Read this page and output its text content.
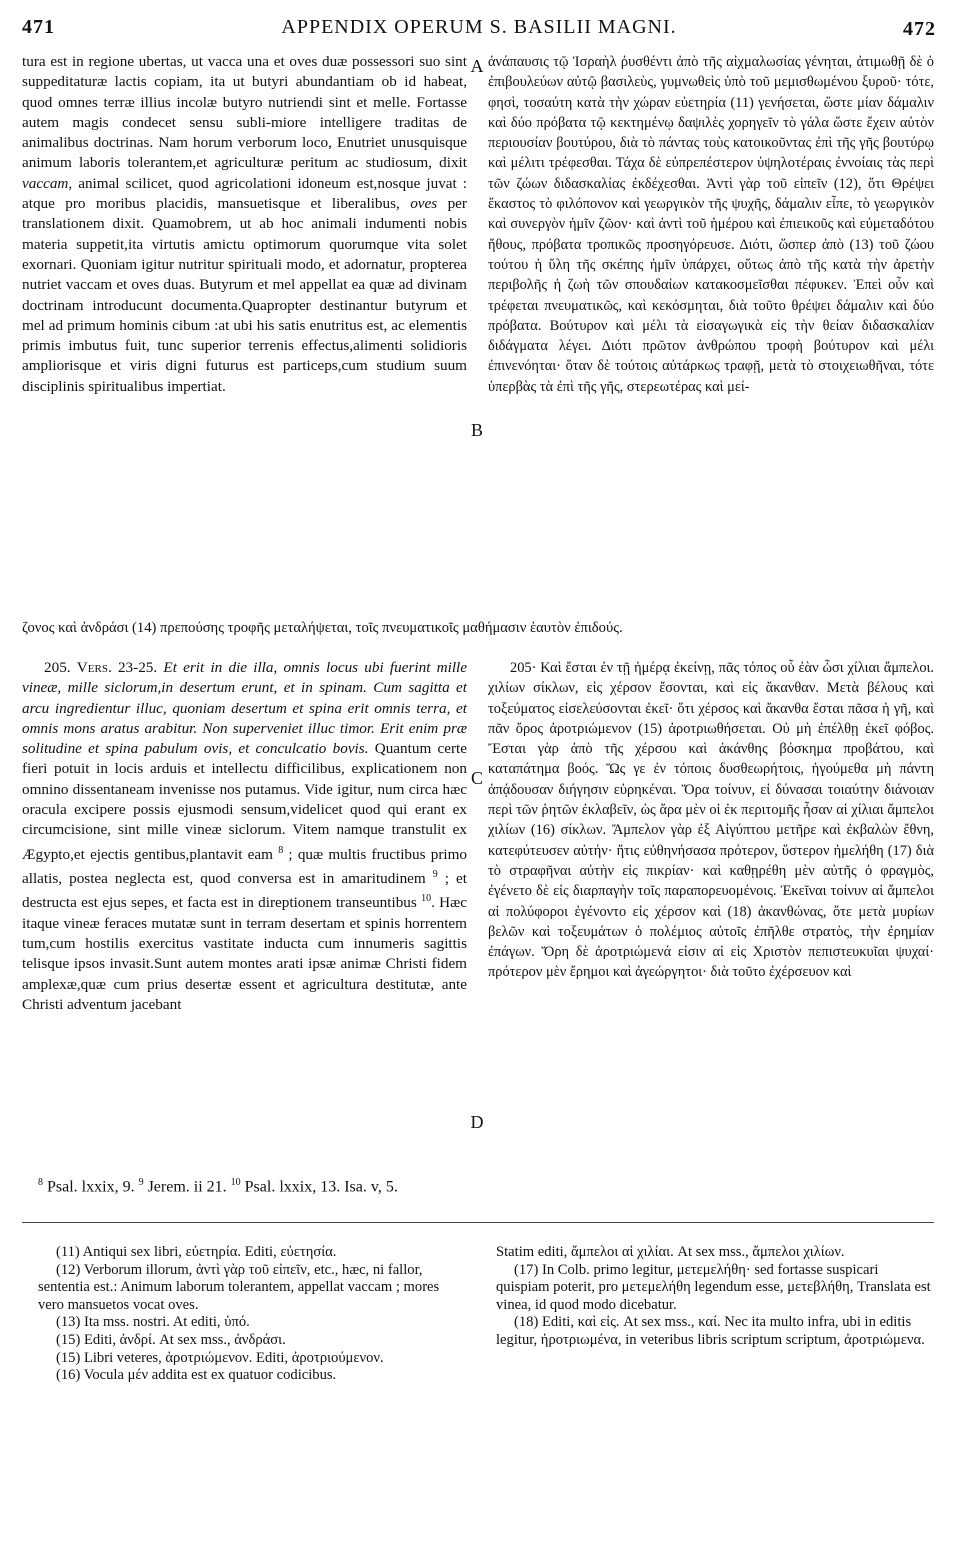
471	APPENDIX OPERUM S. BASILII MAGNI.	472

tura est in regione ubertas, ut vacca una et oves duæ possessori suo sint suppeditaturæ lactis copiam, ita ut butyri abundantiam ob id habeat, quod omnes terræ illius incolæ butyro nutriendi sint et melle. Fortasse autem magis condecet sensu subli-miore intelligere traditas de animalibus doctrinas. Nam horum verborum loco, Enutriet unusquisque animum laboris tolerantem,et agriculturæ peritum ac studiosum, dixit vaccam, animal scilicet, quod agricolationi idoneum est,nosque juvat : atque pro moribus placidis, mansuetisque et liberalibus, oves per translationem dixit. Quamobrem, ut ab hoc animali indumenti nobis materia suppetit,ita virtutis amictu optimorum quorumque vita solet exornari. Quoniam igitur nutritur spirituali modo, et adornatur, propterea nutriet vaccam et oves duas. Butyrum et mel appellat ea quæ ad divinam doctrinam introducunt documenta.Quapropter destinantur butyrum et mel ad primum hominis cibum :at ubi his satis enutritus est, ac elementis primis imbutus fuit, tunc superior terrenis effectus,alimenti solidioris ampliorisque et viris digni futurus est particeps,cum studium suum disciplinis spiritualibus impertiat.

A
B

ἀνάπαυσις τῷ Ἰσραὴλ ῥυσθέντι ἀπὸ τῆς αἰχμαλωσίας γένηται, ἀτιμωθῇ δὲ ὁ ἐπιβουλεύων αὐτῷ βασιλεὺς, γυμνωθεὶς ὑπὸ τοῦ μεμισθωμένου ξυροῦ· τότε, φησὶ, τοσαύτη κατὰ τὴν χώραν εὐετηρία (11) γενήσεται, ὥστε μίαν δάμαλιν καὶ δύο πρόβατα τῷ κεκτημένῳ δαψιλὲς χορηγεῖν τὸ γάλα ὥστε ἔχειν αὐτὸν περιουσίαν βουτύρου, διὰ τὸ πάντας τοὺς κατοικοῦντας ἐπὶ τῆς γῆς βουτύρῳ καὶ μέλιτι τρέφεσθαι. Τάχα δὲ εὐπρεπέστερον ὑψηλοτέραις ἐννοίαις τὰς περὶ τῶν ζώων διδασκαλίας ἐκδέχεσθαι. Ἀντὶ γὰρ τοῦ εἰπεῖν (12), ὅτι Θρέψει ἕκαστος τὸ φιλόπονον καὶ γεωργικὸν τῆς ψυχῆς, δάμαλιν εἶπε, τὸ γεωργικὸν καὶ συνεργὸν ἡμῖν ζῶον· καὶ ἀντὶ τοῦ ἡμέρου καὶ ἐπιεικοῦς καὶ εὐμεταδότου ἤθους, πρόβατα τροπικῶς προσηγόρευσε. Διότι, ὥσπερ ἀπὸ (13) τοῦ ζώου τούτου ἡ ὕλη τῆς σκέπης ἡμῖν ὑπάρχει, οὕτως ἀπὸ τῆς κατὰ τὴν ἀρετὴν περιβολῆς ἡ ζωὴ τῶν σπουδαίων κατακοσμεῖσθαι πέφυκεν. Ἐπεὶ οὖν καὶ τρέφεται πνευματικῶς, καὶ κεκόσμηται, διὰ τοῦτο θρέψει δάμαλιν καὶ δύο πρόβατα. Βούτυρον καὶ μέλι τὰ εἰσαγωγικὰ εἰς τὴν θείαν διδασκαλίαν διδάγματα λέγει. Διότι πρῶτον ἀνθρώπου τροφὴ βούτυρον καὶ μέλι ἐπινενόηται· ὅταν δὲ τούτοις αὐτάρκως τραφῇ, μετὰ τὸ στοιχειωθῆναι, τότε ὑπερβὰς τὰ ἐπὶ τῆς γῆς, στερεωτέρας καὶ μεί-

ζονος καὶ ἀνδράσι (14) πρεπούσης τροφῆς μεταλήψεται, τοῖς πνευματικοῖς μαθήμασιν ἑαυτὸν ἐπιδούς.

205. Vers. 23-25. Et erit in die illa, omnis locus ubi fuerint mille vineæ, mille siclorum,in desertum erunt, et in spinam. Cum sagitta et arcu ingredientur illuc, quoniam desertum et spina erit omnis terra, et omnis mons aratus arabitur. Non superveniet illuc timor. Erit enim præ solitudine et spina pabulum ovis, et conculcatio bovis. Quantum certe fieri potuit in locis arduis et intellectu difficilibus, explicationem non omnino dissentaneam invenisse nos putamus. Vide igitur, num circa hæc oracula excipere possis ejusmodi sensum,videlicet quod qui erant ex circumcisione, sint mille vineæ siclorum. Vitem namque transtulit ex Ægypto,et ejectis gentibus,plantavit eam $^8$ ; quæ multis fructibus primo allatis, postea neglecta est, quod conversa est in amaritudinem $^9$ ; et destructa est ejus sepes, et facta est in direptionem transeuntibus $^{10}$. Hæc itaque vineæ feraces mutatæ sunt in terram desertam et spinis horrentem tum,cum hostilis exercitus vastitate inducta cum innumeris sagittis telisque ipsos invasit.Sunt autem montes arati ipsæ animæ Christi fidem amplexæ,quæ cum prius desertæ essent et agricultura destitutæ, ante Christi adventum jacebant

C
D

205· Καὶ ἔσται ἐν τῇ ἡμέρᾳ ἐκείνῃ, πᾶς τόπος οὗ ἐὰν ὦσι χίλιαι ἄμπελοι. χιλίων σίκλων, εἰς χέρσον ἔσονται, καὶ εἰς ἄκανθαν. Μετὰ βέλους καὶ τοξεύματος εἰσελεύσονται ἐκεῖ· ὅτι χέρσος καὶ ἄκανθα ἔσται πᾶσα ἡ γῆ, καὶ πᾶν ὄρος ἀροτριώμενον (15) ἀροτριωθήσεται. Οὐ μὴ ἐπέλθῃ ἐκεῖ φόβος. Ἔσται γὰρ ἀπὸ τῆς χέρσου καὶ ἀκάνθης βόσκημα προβάτου, καὶ καταπάτημα βοός. Ὥς γε ἐν τόποις δυσθεωρήτοις, ἡγούμεθα μὴ πάντη ἀπᾴδουσαν διήγησιν εὑρηκέναι. Ὅρα τοίνυν, εἰ δύνασαι τοιαύτην διάνοιαν περὶ τῶν ῥητῶν ἐκλαβεῖν, ὡς ἄρα μὲν οἱ ἐκ περιτομῆς ἦσαν αἱ χίλιαι ἄμπελοι χιλίων (16) σίκλων. Ἄμπελον γὰρ ἐξ Αἰγύπτου μετῆρε καὶ ἐκβαλὼν ἔθνη, κατεφύτευσεν αὐτήν· ἥτις εὐθηνήσασα πρότερον, ὕστερον ἠμελήθη (17) διὰ τὸ στραφῆναι αὐτὴν εἰς πικρίαν· καὶ καθῃρέθη μὲν αὐτῆς ὁ φραγμὸς, ἐγένετο δὲ εἰς διαρπαγὴν τοῖς παραπορευομένοις. Ἐκεῖναι τοίνυν αἱ ἄμπελοι αἱ πολύφοροι ἐγένοντο εἰς χέρσον καὶ (18) ἀκανθώνας, ὅτε μετὰ μυρίων βελῶν καὶ τοξευμάτων ὁ πολέμιος αὐτοῖς ἐπῆλθε στρατὸς, τὴν ἐρημίαν ἐπάγων. Ὄρη δὲ ἀροτριώμενά εἰσιν αἱ εἰς Χριστὸν πεπιστευκυῖαι ψυχαί· πρότερον μὲν ἔρημοι καὶ ἀγεώργητοι· διὰ τοῦτο ἐχέρσευον καὶ

$^8$ Psal. lxxix, 9. $^9$ Jerem. ii 21. $^{10}$ Psal. lxxix, 13. Isa. v, 5.

(11) Antiqui sex libri, εὐετηρία. Editi, εὐετησία.

(12) Verborum illorum, ἀντὶ γὰρ τοῦ εἰπεῖν, etc., hæc, ni fallor, sententia est.: Animum laborum tolerantem, appellat vaccam ; mores vero mansuetos vocat oves.

(13) Ita mss. nostri. At editi, ὑπό.

(15) Editi, ἀνδρί. At sex mss., ἀνδράσι.

(15) Libri veteres, ἀροτριώμενον. Editi, ἀροτριούμενον.

(16) Vocula μέν addita est ex quatuor codicibus.

Statim editi, ἄμπελοι αἱ χιλίαι. At sex mss., ἄμπελοι χιλίων.

(17) In Colb. primo legitur, μετεμελήθη· sed fortasse suspicari quispiam poterit, pro μετεμελήθη legendum esse, μετεβλήθη, Translata est vinea, id quod modo dicebatur.

(18) Editi, καὶ εἰς. At sex mss., καί. Nec ita multo infra, ubi in editis legitur, ἠροτριωμένα, in veteribus libris scriptum scriptum, ἀροτριώμενα.
